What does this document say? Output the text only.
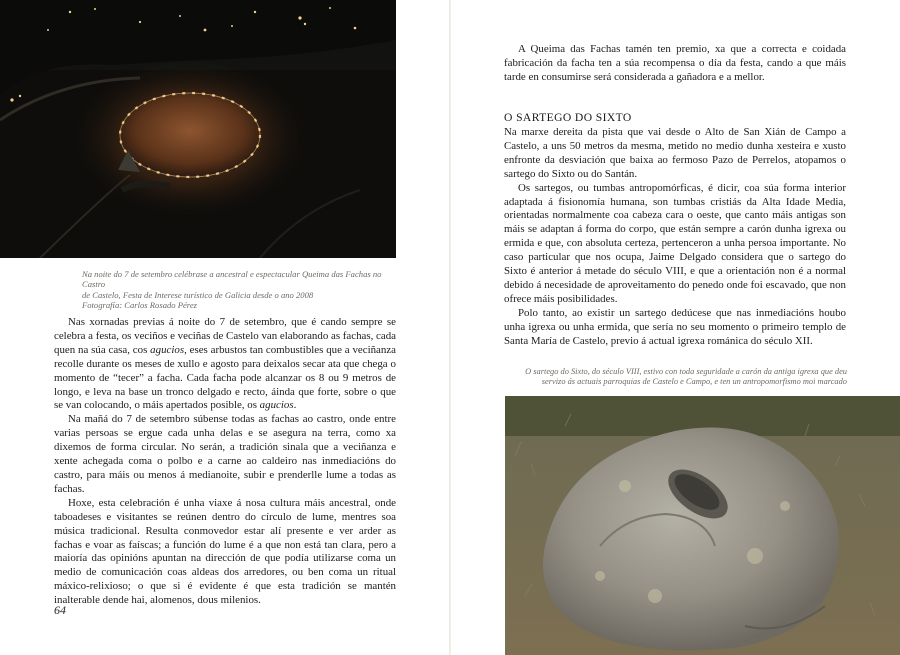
Na noite do 7 de setembro celébrase a ancestral e espectacular Queima das Fachas no Castro
de Castelo, Festa de Interese turístico de Galicia desde o ano 2008
Fotografía: Carlos Rosado Pérez

Nas xornadas previas á noite do 7 de setembro, que é cando sempre se celebra a festa, os veciños e veciñas de Castelo van elaborando as fachas, cada quen na súa casa, cos agucios, eses arbustos tan combustibles que a veciñanza recolle durante os meses de xullo e agosto para deixalos secar ata que chega o momento de “tecer” a facha. Cada facha pode alcanzar os 8 ou 9 metros de longo, e leva na base un tronco delgado e recto, áinda que forte, sobre o que se van colocando, o máis apertados posible, os agucios.

Na mañá do 7 de setembro súbense todas as fachas ao castro, onde entre varias persoas se ergue cada unha delas e se asegura na terra, como xa dixemos de forma circular. No serán, a tradición sinala que a veciñanza e xente achegada coma o polbo e a carne ao caldeiro nas inmediacións do castro, para máis ou menos á medianoite, subir e prenderlle lume a todas as fachas.

Hoxe, esta celebración é unha viaxe á nosa cultura máis ancestral, onde taboadeses e visitantes se reúnen dentro do círculo de lume, mentres soa música tradicional. Resulta conmovedor estar alí presente e ver arder as fachas e voar as faíscas; a función do lume é a que non está tan clara, pero a maioría das opinións apuntan na dirección de que podía utilizarse coma un medio de comunicación coas aldeas dos arredores, ou ben coma un ritual máxico-relixioso; o que si é evidente é que esta tradición se mantén inalterable dende hai, alomenos, dous milenios.

64

A Queima das Fachas tamén ten premio, xa que a correcta e coidada fabricación da facha ten a súa recompensa o día da festa, cando a que máis tarde en consumirse será considerada a gañadora e a mellor.

O SARTEGO DO SIXTO

Na marxe dereita da pista que vai desde o Alto de San Xián de Campo a Castelo, a uns 50 metros da mesma, metido no medio dunha xesteira e xusto enfronte da desviación que baixa ao fermoso Pazo de Perrelos, atopamos o sartego do Sixto ou do Santán.

Os sartegos, ou tumbas antropomórficas, é dicir, coa súa forma interior adaptada á fisionomía humana, son tumbas cristiás da Alta Idade Media, orientadas normalmente coa cabeza cara o oeste, que canto máis antigas son máis se adaptan á forma do corpo, que están sempre a carón dunha igrexa ou ermida e que, con absoluta certeza, pertenceron a unha persoa importante. No caso particular que nos ocupa, Jaime Delgado considera que o sartego do Sixto é anterior á metade do século VIII, e que a orientación non é a normal debido á necesidade de aproveitamento do penedo onde foi escavado, que non ofrece máis posibilidades.

Polo tanto, ao existir un sartego dedúcese que nas inmediacións houbo unha igrexa ou unha ermida, que sería no seu momento o primeiro templo de Santa María de Castelo, previo á actual igrexa románica do século XII.

O sartego do Sixto, do século VIII, estivo con toda seguridade a carón da antiga igrexa que deu
servizo ás actuais parroquias de Castelo e Campo, e ten un antropomorfismo moi marcado
